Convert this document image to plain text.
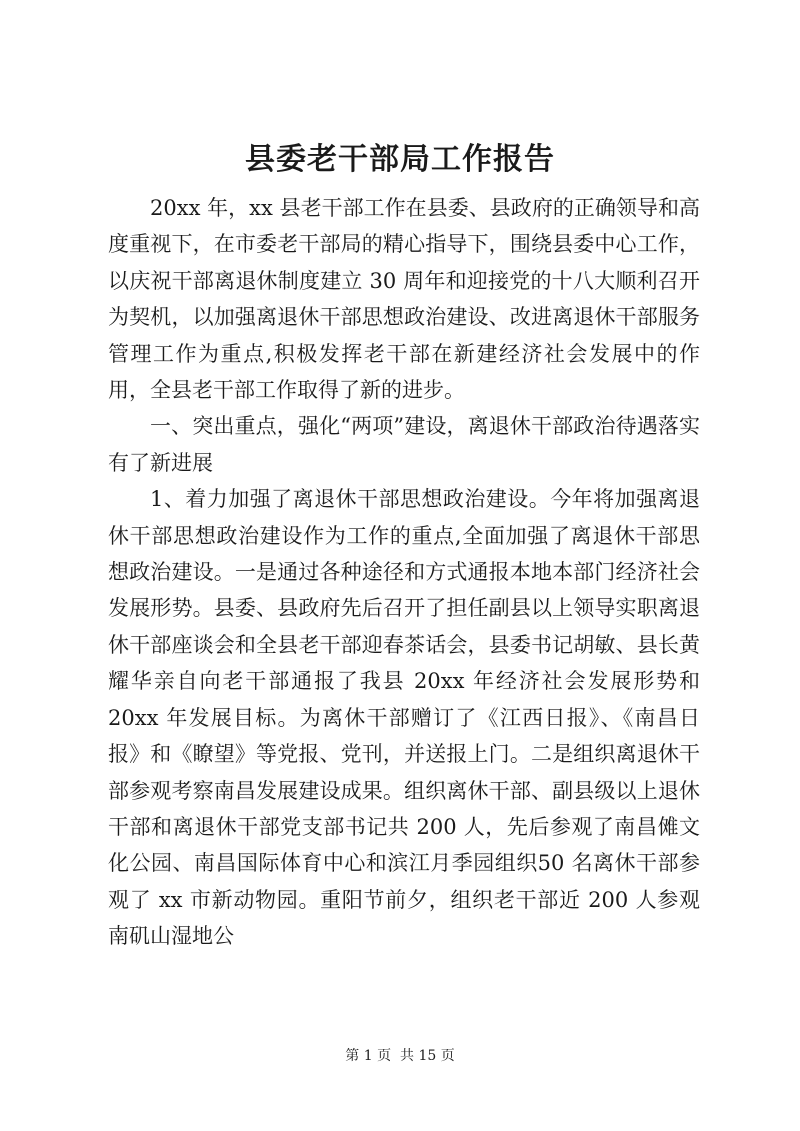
县委老干部局工作报告

20xx 年，xx 县老干部工作在县委、县政府的正确领导和高度重视下，在市委老干部局的精心指导下，围绕县委中心工作，以庆祝干部离退休制度建立 30 周年和迎接党的十八大顺利召开为契机，以加强离退休干部思想政治建设、改进离退休干部服务管理工作为重点,积极发挥老干部在新建经济社会发展中的作用，全县老干部工作取得了新的进步。

一、突出重点，强化“两项”建设，离退休干部政治待遇落实有了新进展

1、着力加强了离退休干部思想政治建设。今年将加强离退休干部思想政治建设作为工作的重点,全面加强了离退休干部思想政治建设。一是通过各种途径和方式通报本地本部门经济社会发展形势。县委、县政府先后召开了担任副县以上领导实职离退休干部座谈会和全县老干部迎春茶话会，县委书记胡敏、县长黄耀华亲自向老干部通报了我县 20xx 年经济社会发展形势和 20xx 年发展目标。为离休干部赠订了《江西日报》、《南昌日报》和《瞭望》等党报、党刊，并送报上门。二是组织离退休干部参观考察南昌发展建设成果。组织离休干部、副县级以上退休干部和离退休干部党支部书记共 200 人，先后参观了南昌傩文化公园、南昌国际体育中心和滨江月季园组织50 名离休干部参观了 xx 市新动物园。重阳节前夕，组织老干部近 200 人参观南矶山湿地公

第 1 页  共 15 页
